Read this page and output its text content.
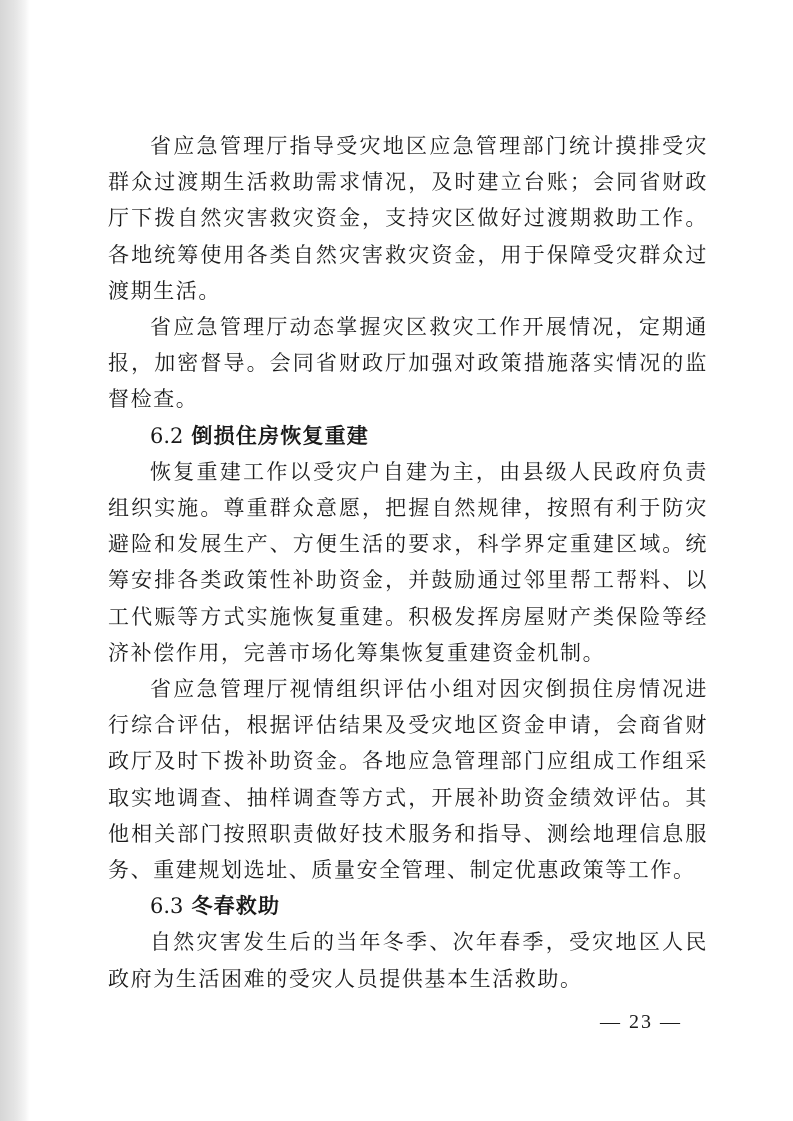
省应急管理厅指导受灾地区应急管理部门统计摸排受灾群众过渡期生活救助需求情况，及时建立台账；会同省财政厅下拨自然灾害救灾资金，支持灾区做好过渡期救助工作。各地统筹使用各类自然灾害救灾资金，用于保障受灾群众过渡期生活。

省应急管理厅动态掌握灾区救灾工作开展情况，定期通报，加密督导。会同省财政厅加强对政策措施落实情况的监督检查。

6.2 倒损住房恢复重建

恢复重建工作以受灾户自建为主，由县级人民政府负责组织实施。尊重群众意愿，把握自然规律，按照有利于防灾避险和发展生产、方便生活的要求，科学界定重建区域。统筹安排各类政策性补助资金，并鼓励通过邻里帮工帮料、以工代赈等方式实施恢复重建。积极发挥房屋财产类保险等经济补偿作用，完善市场化筹集恢复重建资金机制。

省应急管理厅视情组织评估小组对因灾倒损住房情况进行综合评估，根据评估结果及受灾地区资金申请，会商省财政厅及时下拨补助资金。各地应急管理部门应组成工作组采取实地调查、抽样调查等方式，开展补助资金绩效评估。其他相关部门按照职责做好技术服务和指导、测绘地理信息服务、重建规划选址、质量安全管理、制定优惠政策等工作。

6.3 冬春救助

自然灾害发生后的当年冬季、次年春季，受灾地区人民政府为生活困难的受灾人员提供基本生活救助。

— 23 —
